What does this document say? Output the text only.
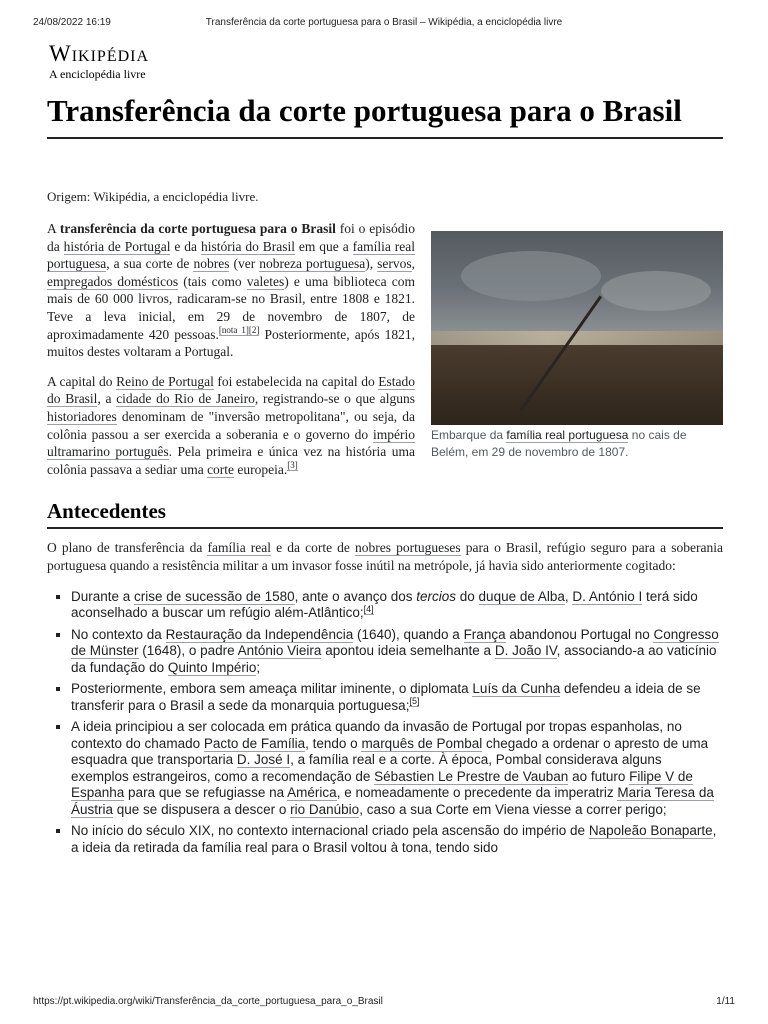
24/08/2022 16:19	Transferência da corte portuguesa para o Brasil – Wikipédia, a enciclopédia livre
Wikipédia
A enciclopédia livre
Transferência da corte portuguesa para o Brasil
Origem: Wikipédia, a enciclopédia livre.
Embarque da família real portuguesa no cais de Belém, em 29 de novembro de 1807.

A transferência da corte portuguesa para o Brasil foi o episódio da história de Portugal e da história do Brasil em que a família real portuguesa, a sua corte de nobres (ver nobreza portuguesa), servos, empregados domésticos (tais como valetes) e uma biblioteca com mais de 60 000 livros, radicaram-se no Brasil, entre 1808 e 1821. Teve a leva inicial, em 29 de novembro de 1807, de aproximadamente 420 pessoas.[nota 1][2] Posteriormente, após 1821, muitos destes voltaram a Portugal.

A capital do Reino de Portugal foi estabelecida na capital do Estado do Brasil, a cidade do Rio de Janeiro, registrando-se o que alguns historiadores denominam de "inversão metropolitana", ou seja, da colônia passou a ser exercida a soberania e o governo do império ultramarino português. Pela primeira e única vez na história uma colônia passava a sediar uma corte europeia.[3]

Antecedentes

O plano de transferência da família real e da corte de nobres portugueses para o Brasil, refúgio seguro para a soberania portuguesa quando a resistência militar a um invasor fosse inútil na metrópole, já havia sido anteriormente cogitado:

▪ Durante a crise de sucessão de 1580, ante o avanço dos tercios do duque de Alba, D. António I terá sido aconselhado a buscar um refúgio além-Atlântico;[4]
▪ No contexto da Restauração da Independência (1640), quando a França abandonou Portugal no Congresso de Münster (1648), o padre António Vieira apontou ideia semelhante a D. João IV, associando-a ao vaticínio da fundação do Quinto Império;
▪ Posteriormente, embora sem ameaça militar iminente, o diplomata Luís da Cunha defendeu a ideia de se transferir para o Brasil a sede da monarquia portuguesa;[5]
▪ A ideia principiou a ser colocada em prática quando da invasão de Portugal por tropas espanholas, no contexto do chamado Pacto de Família, tendo o marquês de Pombal chegado a ordenar o apresto de uma esquadra que transportaria D. José I, a família real e a corte. À época, Pombal considerava alguns exemplos estrangeiros, como a recomendação de Sébastien Le Prestre de Vauban ao futuro Filipe V de Espanha para que se refugiasse na América, e nomeadamente o precedente da imperatriz Maria Teresa da Áustria que se dispusera a descer o rio Danúbio, caso a sua Corte em Viena viesse a correr perigo;
▪ No início do século XIX, no contexto internacional criado pela ascensão do império de Napoleão Bonaparte, a ideia da retirada da família real para o Brasil voltou à tona, tendo sido
https://pt.wikipedia.org/wiki/Transferência_da_corte_portuguesa_para_o_Brasil	1/11
